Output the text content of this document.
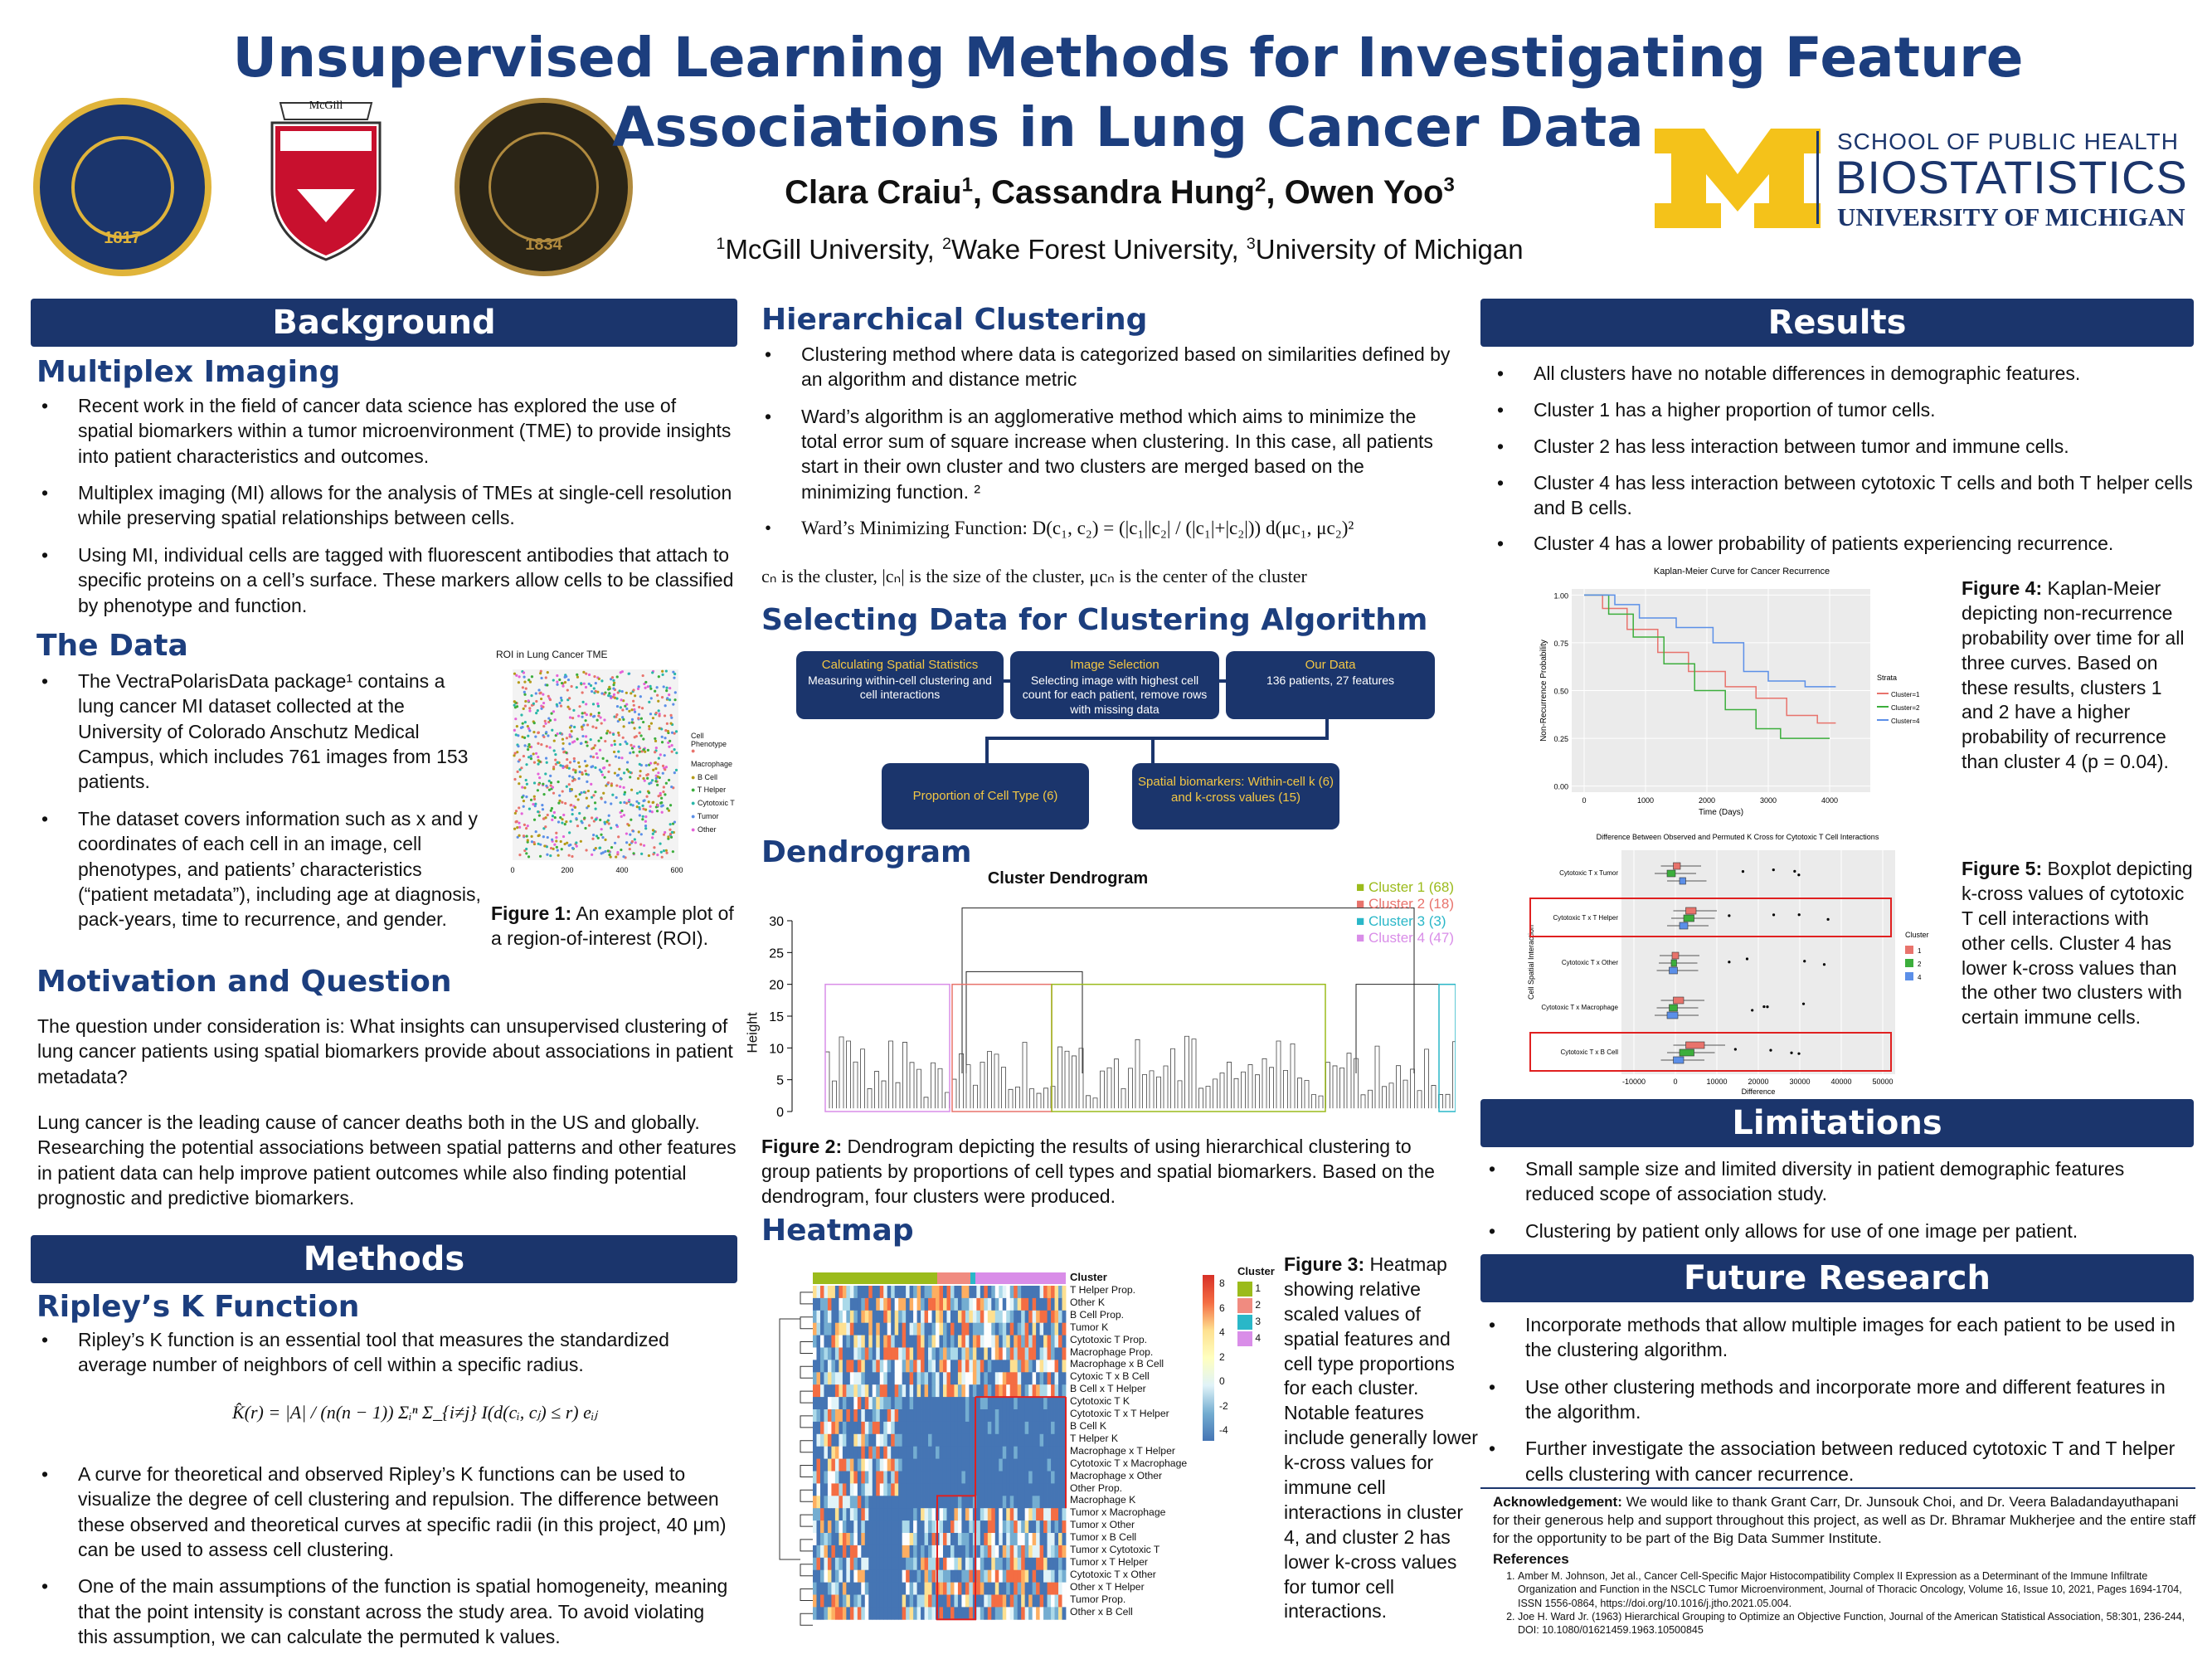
1817
McGill
1834
Unsupervised Learning Methods for Investigating Feature Associations in Lung Cancer Data
Clara Craiu$^1$, Cassandra Hung$^2$, Owen Yoo$^3$
$^1$McGill University, $^2$Wake Forest University, $^3$University of Michigan
SCHOOL OF PUBLIC HEALTH
BIOSTATISTICS
UNIVERSITY OF MICHIGAN
Background
Multiplex Imaging
• Recent work in the field of cancer data science has explored the use of spatial biomarkers within a tumor microenvironment (TME) to provide insights into patient characteristics and outcomes.
• Multiplex imaging (MI) allows for the analysis of TMEs at single-cell resolution while preserving spatial relationships between cells.
• Using MI, individual cells are tagged with fluorescent antibodies that attach to specific proteins on a cell’s surface. These markers allow cells to be classified by phenotype and function.
The Data
• The VectraPolarisData package¹ contains a lung cancer MI dataset collected at the University of Colorado Anschutz Medical Campus, which includes 761 images from 153 patients.
• The dataset covers information such as x and y coordinates of each cell in an image, cell phenotypes, and patients’ characteristics (“patient metadata”), including age at diagnosis, pack-years, time to recurrence, and gender.
ROI in Lung Cancer TME
0	200	400	600
Cell Phenotype
● Macrophage
● B Cell
● T Helper
● Cytotoxic T
● Tumor
● Other
Figure 1: An example plot of a region-of-interest (ROI).
Motivation and Question
The question under consideration is: What insights can unsupervised clustering of lung cancer patients using spatial biomarkers provide about associations in patient metadata?
Lung cancer is the leading cause of cancer deaths both in the US and globally. Researching the potential associations between spatial patterns and other features in patient data can help improve patient outcomes while also finding potential prognostic and predictive biomarkers.
Methods
Ripley’s K Function
• Ripley’s K function is an essential tool that measures the standardized average number of neighbors of cell within a specific radius.
K̂(r) = |A| / (n(n − 1)) Σᵢⁿ Σ_{i≠j} I(d(cᵢ, cⱼ) ≤ r) eᵢⱼ
• A curve for theoretical and observed Ripley’s K functions can be used to visualize the degree of cell clustering and repulsion. The difference between these observed and theoretical curves at specific radii (in this project, 40 μm) can be used to assess cell clustering.
• One of the main assumptions of the function is spatial homogeneity, meaning that the point intensity is constant across the study area. To avoid violating this assumption, we can calculate the permuted k values.
Hierarchical Clustering
• Clustering method where data is categorized based on similarities defined by an algorithm and distance metric
• Ward’s algorithm is an agglomerative method which aims to minimize the total error sum of square increase when clustering. In this case, all patients start in their own cluster and two clusters are merged based on the minimizing function. ²
• Ward’s Minimizing Function: D(c₁, c₂) = (|c₁||c₂| / (|c₁|+|c₂|)) d(μc₁, μc₂)²
cₙ is the cluster, |cₙ| is the size of the cluster, μcₙ is the center of the cluster
Selecting Data for Clustering Algorithm
Calculating Spatial Statistics
Measuring within-cell clustering and cell interactions
Image Selection
Selecting image with highest cell count for each patient, remove rows with missing data
Our Data
136 patients, 27 features
Proportion of Cell Type (6)
Spatial biomarkers: Within-cell k (6) and k-cross values (15)
Dendrogram
Cluster Dendrogram
0
5
10
15
20
25
30
■ Cluster 1 (68)
■ Cluster 2 (18)
■ Cluster 3 (3)
■ Cluster 4 (47)
Height
Figure 2: Dendrogram depicting the results of using hierarchical clustering to group patients by proportions of cell types and spatial biomarkers. Based on the dendrogram, four clusters were produced.
Heatmap
Cluster
T Helper Prop.
Other K
B Cell Prop.
Tumor K
Cytotoxic T Prop.
Macrophage Prop.
Macrophage x B Cell
Cytoxic T x B Cell
B Cell x T Helper
Cytotoxic T K
Cytotoxic T x T Helper
B Cell K
T Helper K
Macrophage x T Helper
Cytotoxic T x Macrophage
Macrophage x Other
Other Prop.
Macrophage K
Tumor x Macrophage
Tumor x Other
Tumor x B Cell
Tumor x Cytotoxic T
Tumor x T Helper
Cytotoxic T x Other
Other x T Helper
Tumor Prop.
Other x B Cell
8
6
4
2
0
-2
-4
Cluster
1
2
3
4
Figure 3: Heatmap showing relative scaled values of spatial features and cell type proportions for each cluster. Notable features include generally lower k-cross values for immune cell interactions in cluster 4, and cluster 2 has lower k-cross values for tumor cell interactions.
Results
• All clusters have no notable differences in demographic features.
• Cluster 1 has a higher proportion of tumor cells.
• Cluster 2 has less interaction between tumor and immune cells.
• Cluster 4 has less interaction between cytotoxic T cells and both T helper cells and B cells.
• Cluster 4 has a lower probability of patients experiencing recurrence.
Kaplan-Meier Curve for Cancer Recurrence
0.00
0.25
0.50
0.75
1.00
0	1000	2000	3000	4000
Time (Days)
Non-Recurrence Probability	Strata
Cluster=1
Cluster=2
Cluster=4
Figure 4: Kaplan-Meier depicting non-recurrence probability over time for all three curves. Based on these results, clusters 1 and 2 have a higher probability of recurrence than cluster 4 (p = 0.04).
Difference Between Observed and Permuted K Cross for Cytotoxic T Cell Interactions
-10000	0	10000	20000	30000	40000	50000
Difference
Cell Spatial Interaction
Cytotoxic T x Tumor
Cytotoxic T x T Helper
Cytotoxic T x Other
Cytotoxic T x Macrophage
Cytotoxic T x B Cell
Cluster
1
2
4
Figure 5: Boxplot depicting k-cross values of cytotoxic T cell interactions with other cells. Cluster 4 has lower k-cross values than the other two clusters with certain immune cells.
Limitations
• Small sample size and limited diversity in patient demographic features reduced scope of association study.
• Clustering by patient only allows for use of one image per patient.
Future Research
• Incorporate methods that allow multiple images for each patient to be used in the clustering algorithm.
• Use other clustering methods and incorporate more and different features in the algorithm.
• Further investigate the association between reduced cytotoxic T and T helper cells clustering with cancer recurrence.
Acknowledgement: We would like to thank Grant Carr, Dr. Junsouk Choi, and Dr. Veera Baladandayuthapani for their generous help and support throughout this project, as well as Dr. Bhramar Mukherjee and the entire staff for the opportunity to be part of the Big Data Summer Institute.
References
1. Amber M. Johnson, Jet al., Cancer Cell-Specific Major Histocompatibility Complex II Expression as a Determinant of the Immune Infiltrate Organization and Function in the NSCLC Tumor Microenvironment, Journal of Thoracic Oncology, Volume 16, Issue 10, 2021, Pages 1694-1704, ISSN 1556-0864, https://doi.org/10.1016/j.jtho.2021.05.004.
2. Joe H. Ward Jr. (1963) Hierarchical Grouping to Optimize an Objective Function, Journal of the American Statistical Association, 58:301, 236-244, DOI: 10.1080/01621459.1963.10500845
